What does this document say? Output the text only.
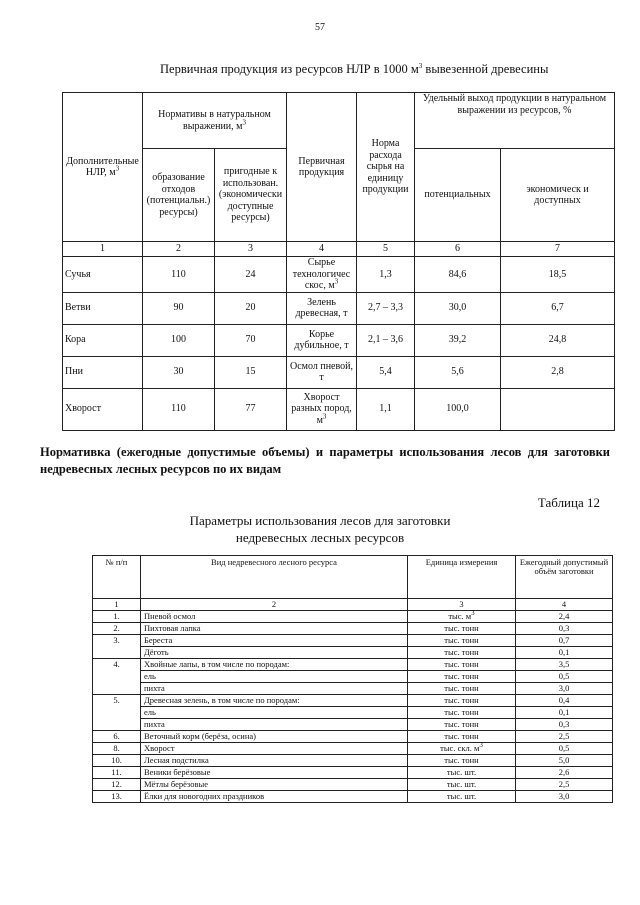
57
Первичная продукция из ресурсов НЛР в 1000 $м^3$ вывезенной древесины
Дополнительные НЛР, $м^3$	Нормативы в натуральном выражении, $м^3$		Первичная продукция	Норма расхода сырья на единицу продукции	Удельный выход продукции в натуральном выражении из ресурсов, %	
	образование отходов (потенциальн.) ресурсы)	пригодные к использован. (экономически доступные ресурсы)			потенциальных	экономическ и доступных
1	2	3	4	5	6	7
Сучья	110	24	Сырье технологичес скос, $м^3$	1,3	84,6	18,5
Ветви	90	20	Зелень древесная, т	2,7 – 3,3	30,0	6,7
Кора	100	70	Корье дубильное, т	2,1 – 3,6	39,2	24,8
Пни	30	15	Осмол пневой, т	5,4	5,6	2,8
Хворост	110	77	Хворост разных пород, $м^3$	1,1	100,0	
Нормативка (ежегодные допустимые объемы) и параметры использования лесов для заготовки недревесных лесных ресурсов по их видам
Таблица 12
Параметры использования лесов для заготовки
недревесных лесных ресурсов
№ п/п	Вид недревесного лесного ресурса	Единица измерения	Ежегодный допустимый объём заготовки
1	2	3	4
1.	Пневой осмол	тыс. $м^3$	2,4
2.	Пихтовая лапка	тыс. тонн	0,3
3.	Береста	тыс. тонн	0,7
	Дёготь	тыс. тонн	0,1
4.	Хвойные лапы, в том числе по породам:	тыс. тонн	3,5
	ель	тыс. тонн	0,5
	пихта	тыс. тонн	3,0
5.	Древесная зелень, в том числе по породам:	тыс. тонн	0,4
	ель	тыс. тонн	0,1
	пихта	тыс. тонн	0,3
6.	Веточный корм (берёза, осина)	тыс. тонн	2,5
8.	Хворост	тыс. скл. $м^3$	0,5
10.	Лесная подстилка	тыс. тонн	5,0
11.	Веники берёзовые	тыс. шт.	2,6
12.	Мётлы берёзовые	тыс. шт.	2,5
13.	Ёлки для новогодних праздников	тыс. шт.	3,0
